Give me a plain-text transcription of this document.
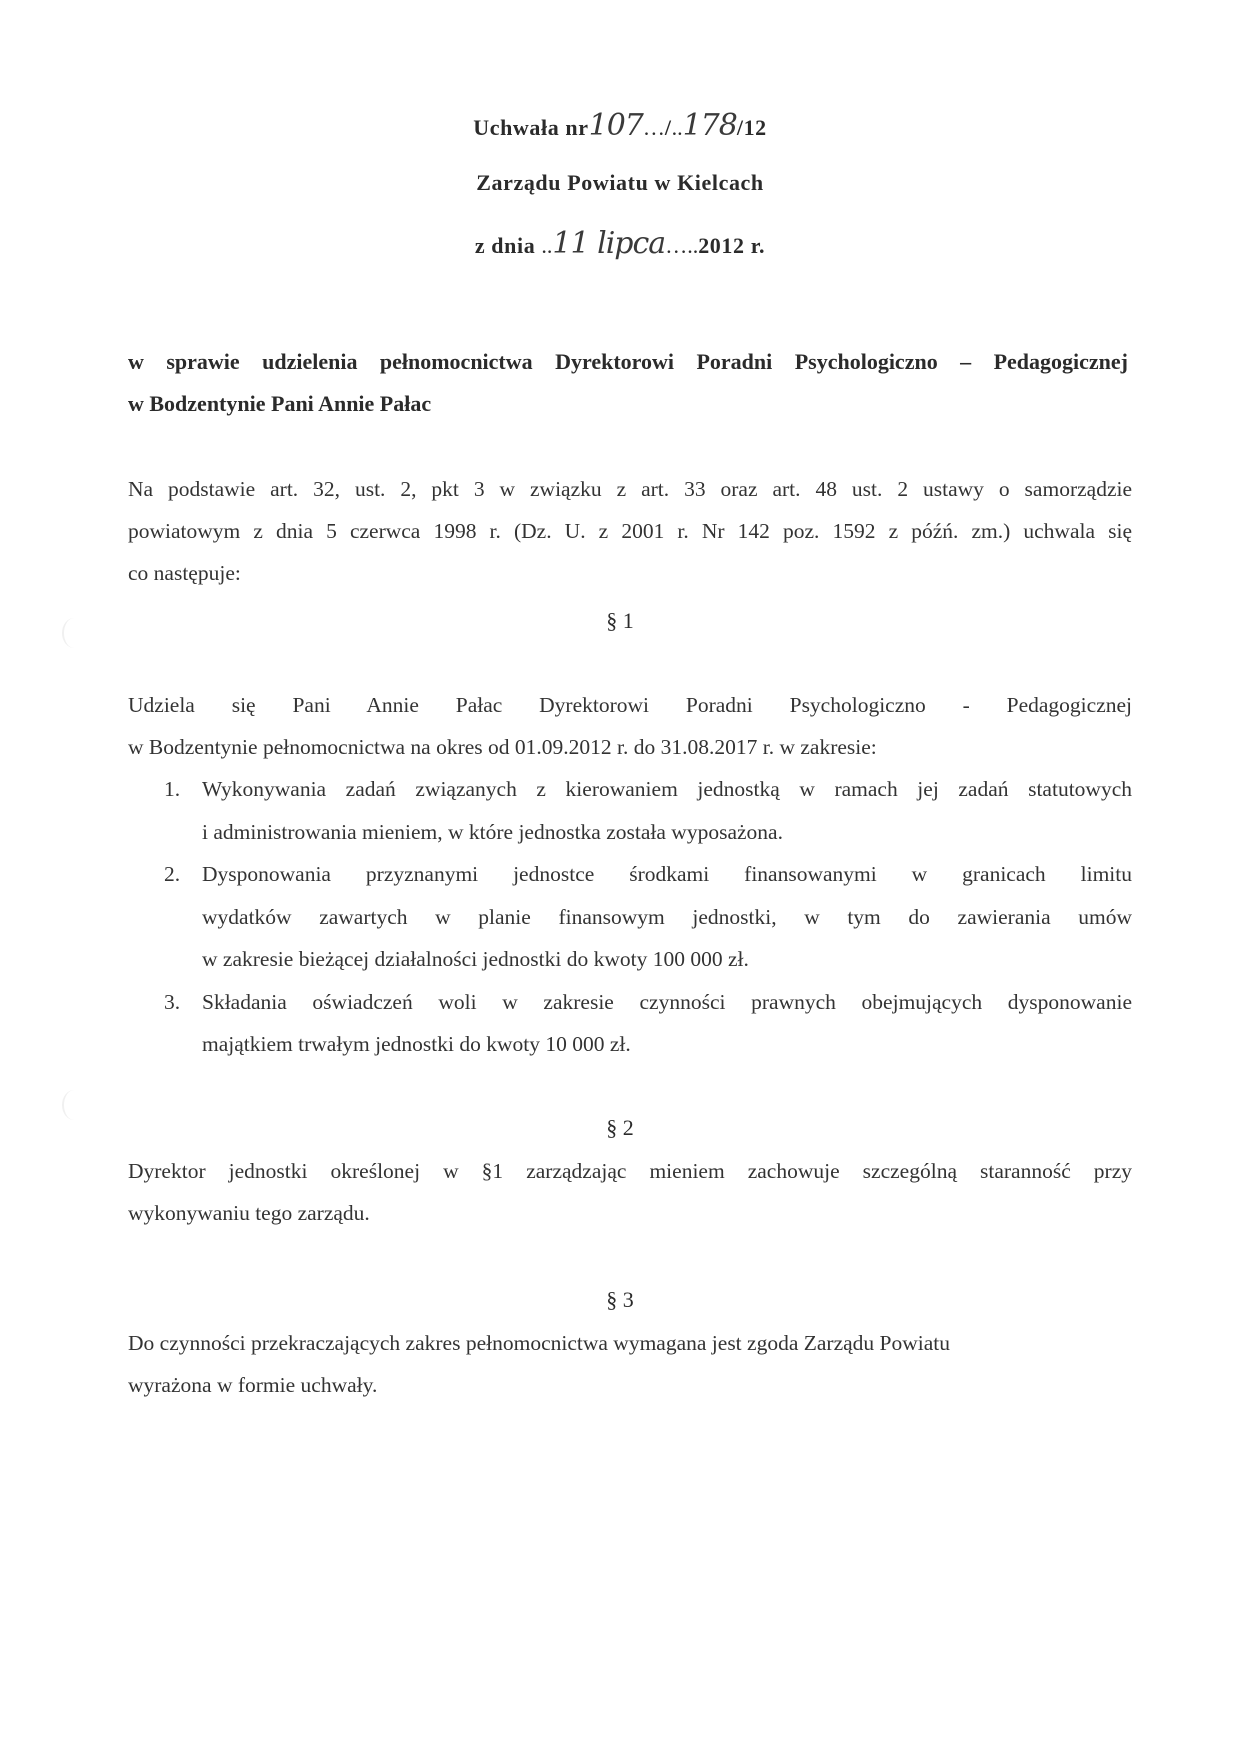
Uchwała nr107…/..178/12
Zarządu Powiatu w Kielcach
z dnia ..11 lipca…..2012 r.
w sprawie udzielenia pełnomocnictwa Dyrektorowi Poradni Psychologiczno – Pedagogicznej
w Bodzentynie Pani Annie Pałac
Na podstawie art. 32, ust. 2, pkt 3 w związku z art. 33 oraz art. 48 ust. 2 ustawy o samorządzie
powiatowym z dnia 5 czerwca 1998 r. (Dz. U. z 2001 r. Nr 142 poz. 1592 z późń. zm.) uchwala się
co następuje:
§ 1
Udziela się Pani Annie Pałac Dyrektorowi Poradni Psychologiczno - Pedagogicznej
w Bodzentynie pełnomocnictwa na okres od 01.09.2012 r. do 31.08.2017 r. w zakresie:
1. Wykonywania zadań związanych z kierowaniem jednostką w ramach jej zadań statutowych
i administrowania mieniem, w które jednostka została wyposażona.
2. Dysponowania przyznanymi jednostce środkami finansowanymi w granicach limitu
wydatków zawartych w planie finansowym jednostki, w tym do zawierania umów
w zakresie bieżącej działalności jednostki do kwoty 100 000 zł.
3. Składania oświadczeń woli w zakresie czynności prawnych obejmujących dysponowanie
majątkiem trwałym jednostki do kwoty 10 000 zł.
§ 2
Dyrektor jednostki określonej w §1 zarządzając mieniem zachowuje szczególną staranność przy
wykonywaniu tego zarządu.
§ 3
Do czynności przekraczających zakres pełnomocnictwa wymagana jest zgoda Zarządu Powiatu
wyrażona w formie uchwały.
